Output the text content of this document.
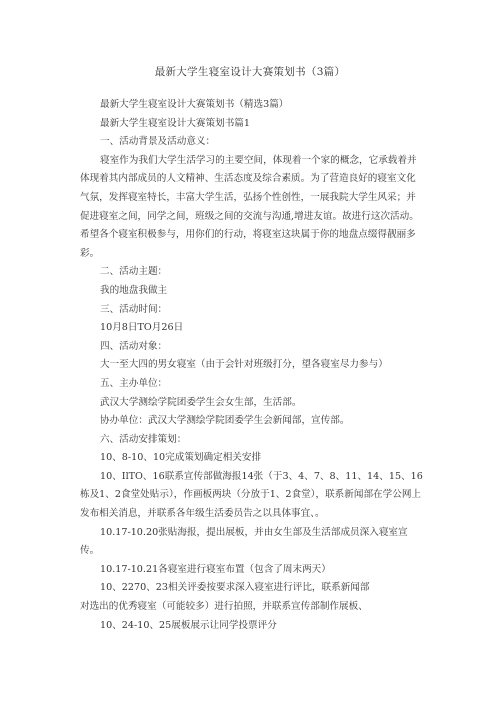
最新大学生寝室设计大赛策划书（3篇）

最新大学生寝室设计大赛策划书（精选3篇）

最新大学生寝室设计大赛策划书篇1

一、活动背景及活动意义：

寝室作为我们大学生活学习的主要空间，体现着一个家的概念，它承载着并体现着其内部成员的人文精神、生活态度及综合素质。为了营造良好的寝室文化气氛，发挥寝室特长，丰富大学生活，弘扬个性创性，一展我院大学生风采；并促进寝室之间，同学之间，班级之间的交流与沟通,增进友谊。故进行这次活动。希望各个寝室积极参与，用你们的行动，将寝室这块属于你的地盘点缀得靓丽多彩。

二、活动主题：

我的地盘我做主

三、活动时间：

10月8日TO月26日

四、活动对象：

大一至大四的男女寝室（由于会针对班级打分，望各寝室尽力参与）

五、主办单位：

武汉大学测绘学院团委学生会女生部，生活部。

协办单位：武汉大学测绘学院团委学生会新闻部，宣传部。

六、活动安排策划：

10、8-10、10完成策划确定相关安排

10、IlTO、16联系宣传部做海报14张（于3、4、7、8、11、14、15、16栋及1、2食堂处贴示），作画板两块（分放于1、2食堂），联系新闻部在学公网上发布相关消息，并联系各年级生活委员告之以具体事宜、。

10.17-10.20张贴海报，提出展板，并由女生部及生活部成员深入寝室宣传。

10.17-10.21各寝室进行寝室布置（包含了周末两天）

10、2270、23相关评委按要求深入寝室进行评比，联系新闻部

对选出的优秀寝室（可能较多）进行拍照，并联系宣传部制作展板、

10、24-10、25展板展示让同学投票评分
